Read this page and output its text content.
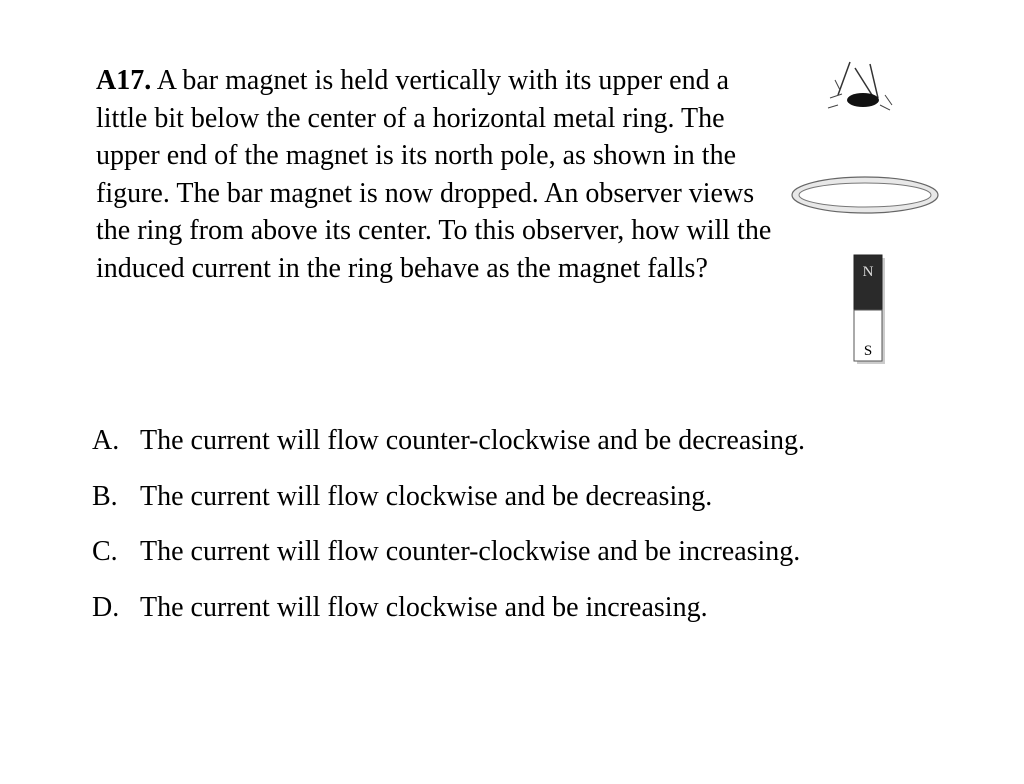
A17. A bar magnet is held vertically with its upper end a little bit below the center of a horizontal metal ring. The upper end of the magnet is its north pole, as shown in the figure. The bar magnet is now dropped. An observer views the ring from above its center. To this observer, how will the induced current in the ring behave as the magnet falls?	N
S
A. The current will flow counter-clockwise and be decreasing.
B. The current will flow clockwise and be decreasing.
C. The current will flow counter-clockwise and be increasing.
D. The current will flow clockwise and be increasing.
